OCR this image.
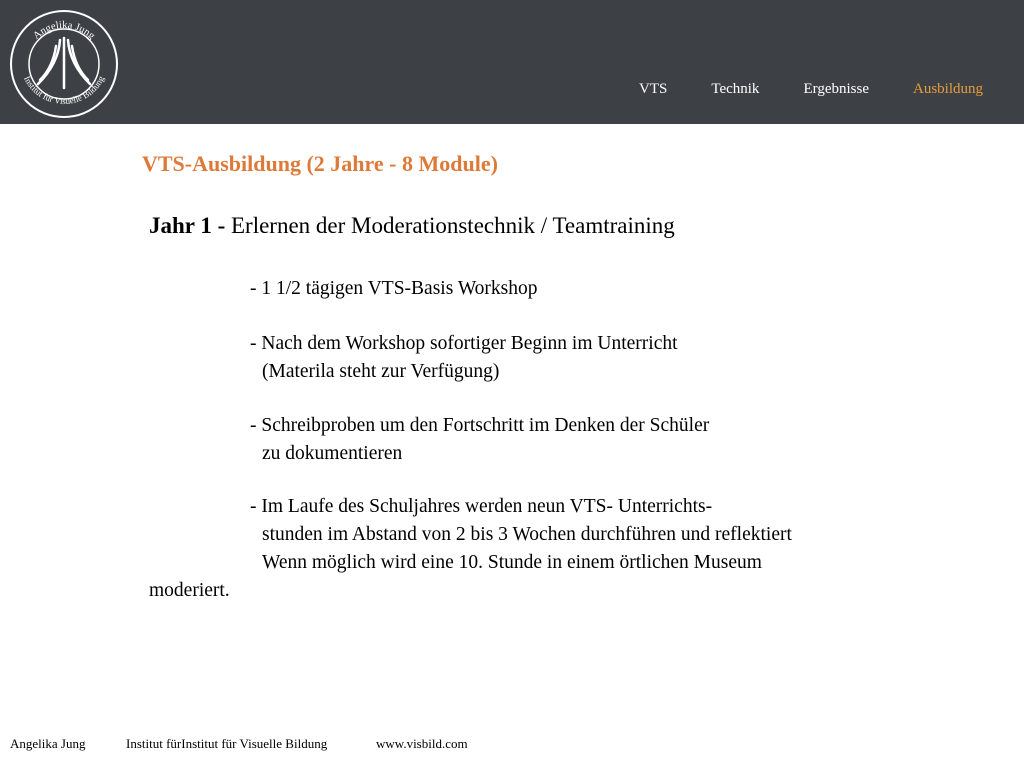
Angelika Jung
Institut für Visuelle Bildung
VTS	Technik	Ergebnisse	Ausbildung
VTS-Ausbildung (2 Jahre - 8 Module)
Jahr 1 - Erlernen der Moderationstechnik / Teamtraining
- 1 1/2 tägigen VTS-Basis Workshop
- Nach dem Workshop sofortiger Beginn im Unterricht
(Materila steht zur Verfügung)
- Schreibproben um den Fortschritt im Denken der Schüler
zu dokumentieren
- Im Laufe des Schuljahres werden neun VTS- Unterrichts-
stunden im Abstand von 2 bis 3 Wochen durchführen und reflektiert
Wenn möglich wird eine 10. Stunde in einem örtlichen Museum
moderiert.
Angelika Jung	Institut fürInstitut für Visuelle Bildung	www.visbild.com
